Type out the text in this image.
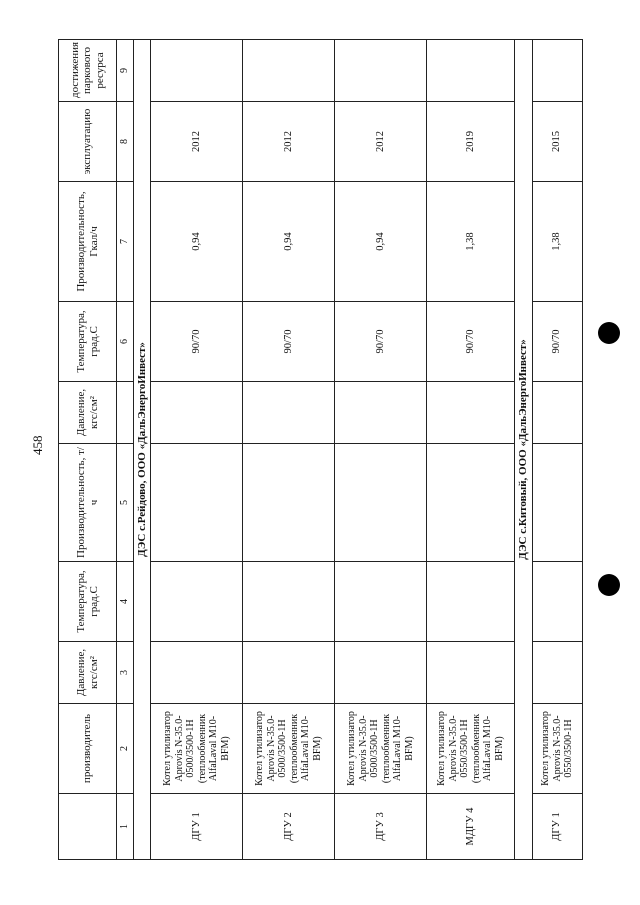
458
	производитель	Давление, кгс/см²	Температура, град.С	Производительность, т/ч	Давление, кгс/см²	Температура, град.С	Производительность, Гкал/ч	эксплуатацию	достижения паркового ресурса
1	2	3	4	5		6	7	8	9
ДЭС с.Рейдово, ООО «ДальЭнергоИнвест»									
ДГУ 1	Котел утилизатор Aprovis N-35.0-0500/3500-1H (теплообменник AlfaLaval M10-BFM)					90/70	0,94	2012	
ДГУ 2	Котел утилизатор Aprovis N-35.0-0500/3500-1H (теплообменник AlfaLaval M10-BFM)					90/70	0,94	2012	
ДГУ 3	Котел утилизатор Aprovis N-35.0-0500/3500-1H (теплообменник AlfaLaval M10-BFM)					90/70	0,94	2012	
МДГУ 4	Котел утилизатор Aprovis N-35.0-0550/3500-1H (теплообменник AlfaLaval M10-BFM)					90/70	1,38	2019	
ДЭС с.Китовый, ООО «ДальЭнергоИнвест»									
ДГУ 1	Котел утилизатор Aprovis N-35.0-0550/3500-1H					90/70	1,38	2015	
